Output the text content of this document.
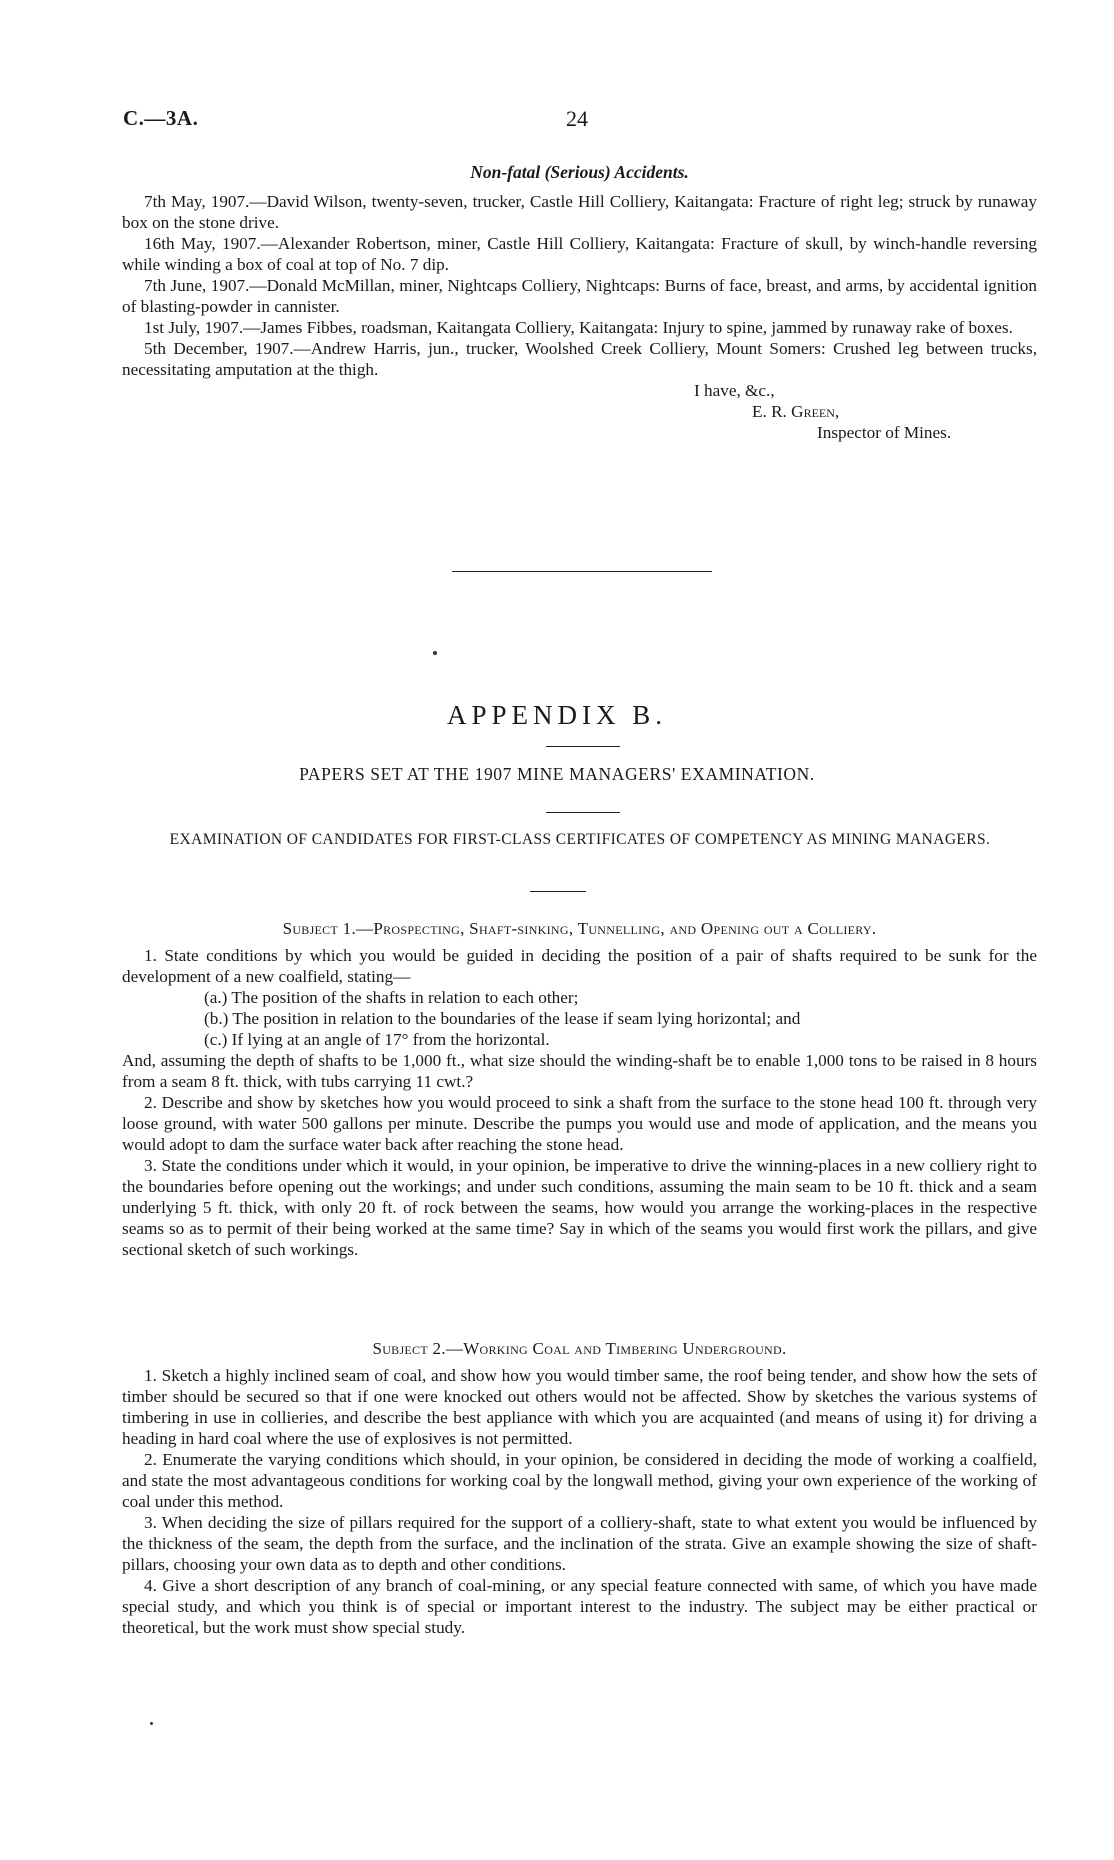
C.—3A.	24
Non-fatal (Serious) Accidents.

7th May, 1907.—David Wilson, twenty-seven, trucker, Castle Hill Colliery, Kaitangata: Fracture of right leg; struck by runaway box on the stone drive.

16th May, 1907.—Alexander Robertson, miner, Castle Hill Colliery, Kaitangata: Fracture of skull, by winch-handle reversing while winding a box of coal at top of No. 7 dip.

7th June, 1907.—Donald McMillan, miner, Nightcaps Colliery, Nightcaps: Burns of face, breast, and arms, by accidental ignition of blasting-powder in cannister.

1st July, 1907.—James Fibbes, roadsman, Kaitangata Colliery, Kaitangata: Injury to spine, jammed by runaway rake of boxes.

5th December, 1907.—Andrew Harris, jun., trucker, Woolshed Creek Colliery, Mount Somers: Crushed leg between trucks, necessitating amputation at the thigh.

I have, &c.,
E. R. Green,
Inspector of Mines.
APPENDIX B.
PAPERS SET AT THE 1907 MINE MANAGERS' EXAMINATION.
EXAMINATION OF CANDIDATES FOR FIRST-CLASS CERTIFICATES OF COMPETENCY AS MINING MANAGERS.
Subject 1.—Prospecting, Shaft-sinking, Tunnelling, and Opening out a Colliery.

1. State conditions by which you would be guided in deciding the position of a pair of shafts required to be sunk for the development of a new coalfield, stating—

(a.) The position of the shafts in relation to each other;

(b.) The position in relation to the boundaries of the lease if seam lying horizontal; and

(c.) If lying at an angle of 17° from the horizontal.

And, assuming the depth of shafts to be 1,000 ft., what size should the winding-shaft be to enable 1,000 tons to be raised in 8 hours from a seam 8 ft. thick, with tubs carrying 11 cwt.?

2. Describe and show by sketches how you would proceed to sink a shaft from the surface to the stone head 100 ft. through very loose ground, with water 500 gallons per minute. Describe the pumps you would use and mode of application, and the means you would adopt to dam the surface water back after reaching the stone head.

3. State the conditions under which it would, in your opinion, be imperative to drive the winning-places in a new colliery right to the boundaries before opening out the workings; and under such conditions, assuming the main seam to be 10 ft. thick and a seam underlying 5 ft. thick, with only 20 ft. of rock between the seams, how would you arrange the working-places in the respective seams so as to permit of their being worked at the same time? Say in which of the seams you would first work the pillars, and give sectional sketch of such workings.

Subject 2.—Working Coal and Timbering Underground.

1. Sketch a highly inclined seam of coal, and show how you would timber same, the roof being tender, and show how the sets of timber should be secured so that if one were knocked out others would not be affected. Show by sketches the various systems of timbering in use in collieries, and describe the best appliance with which you are acquainted (and means of using it) for driving a heading in hard coal where the use of explosives is not permitted.

2. Enumerate the varying conditions which should, in your opinion, be considered in deciding the mode of working a coalfield, and state the most advantageous conditions for working coal by the longwall method, giving your own experience of the working of coal under this method.

3. When deciding the size of pillars required for the support of a colliery-shaft, state to what extent you would be influenced by the thickness of the seam, the depth from the surface, and the inclination of the strata. Give an example showing the size of shaft-pillars, choosing your own data as to depth and other conditions.

4. Give a short description of any branch of coal-mining, or any special feature connected with same, of which you have made special study, and which you think is of special or important interest to the industry. The subject may be either practical or theoretical, but the work must show special study.
